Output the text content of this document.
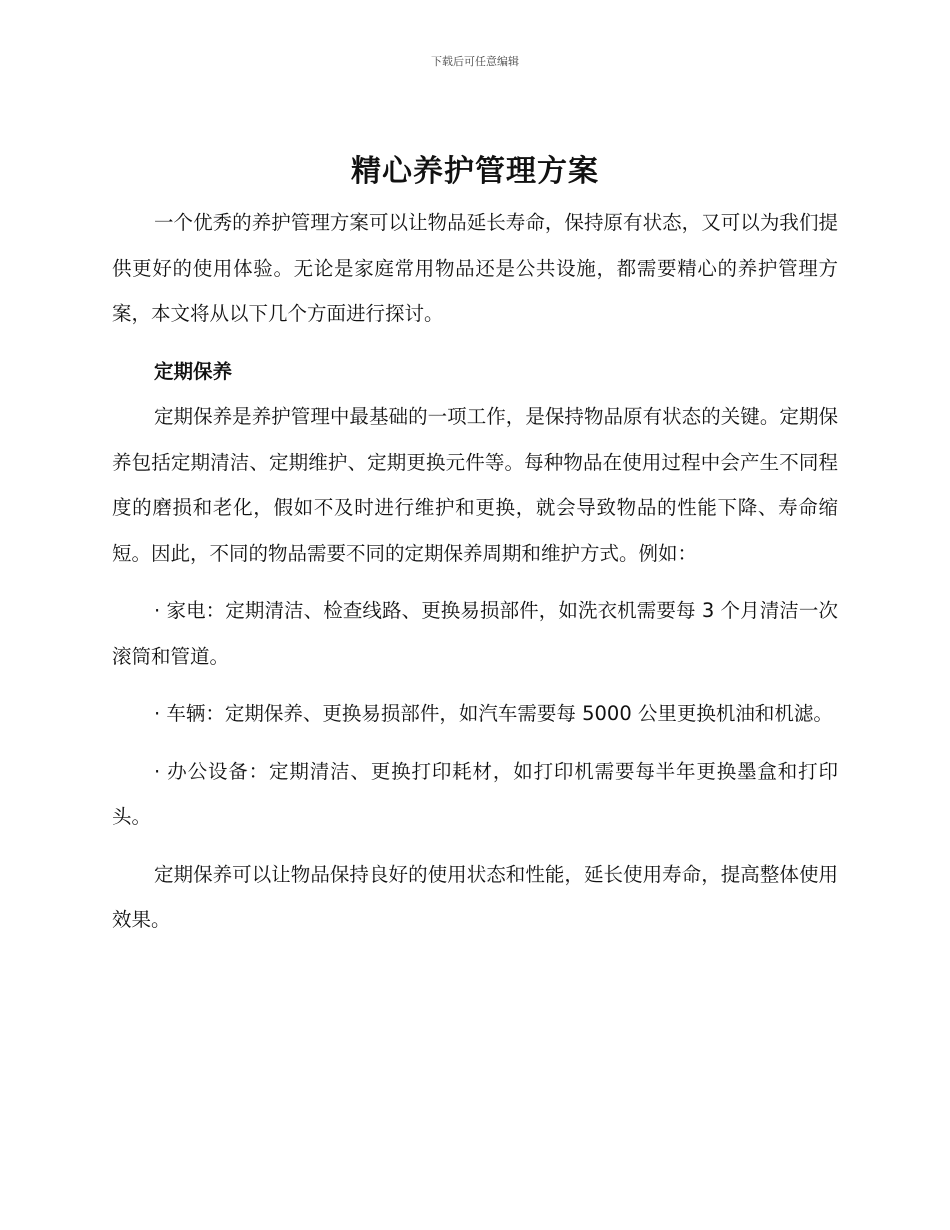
下载后可任意编辑
精心养护管理方案

一个优秀的养护管理方案可以让物品延长寿命，保持原有状态，又可以为我们提供更好的使用体验。无论是家庭常用物品还是公共设施，都需要精心的养护管理方案，本文将从以下几个方面进行探讨。

定期保养

定期保养是养护管理中最基础的一项工作，是保持物品原有状态的关键。定期保养包括定期清洁、定期维护、定期更换元件等。每种物品在使用过程中会产生不同程度的磨损和老化，假如不及时进行维护和更换，就会导致物品的性能下降、寿命缩短。因此，不同的物品需要不同的定期保养周期和维护方式。例如：

· 家电：定期清洁、检查线路、更换易损部件，如洗衣机需要每 3 个月清洁一次滚筒和管道。

· 车辆：定期保养、更换易损部件，如汽车需要每 5000 公里更换机油和机滤。

· 办公设备：定期清洁、更换打印耗材，如打印机需要每半年更换墨盒和打印头。

定期保养可以让物品保持良好的使用状态和性能，延长使用寿命，提高整体使用效果。
